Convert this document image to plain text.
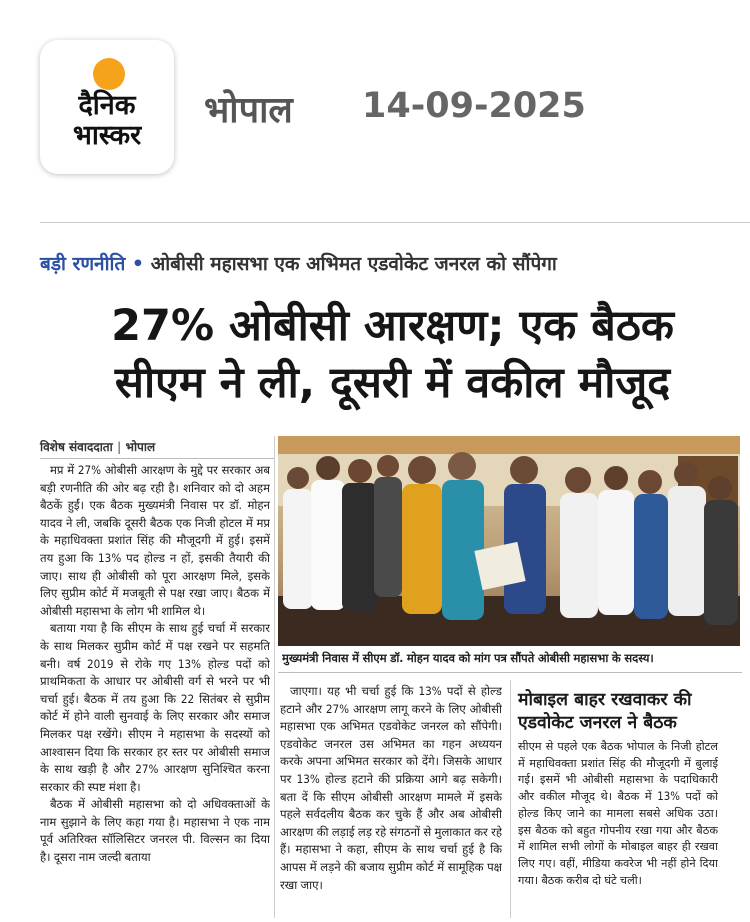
दैनिक
भास्कर
भोपाल 14-09-2025
बड़ी रणनीति • ओबीसी महासभा एक अभिमत एडवोकेट जनरल को सौंपेगा
27% ओबीसी आरक्षण; एक बैठक
सीएम ने ली, दूसरी में वकील मौजूद
विशेष संवाददाता | भोपाल

मप्र में 27% ओबीसी आरक्षण के मुद्दे पर सरकार अब बड़ी रणनीति की ओर बढ़ रही है। शनिवार को दो अहम बैठकें हुईं। एक बैठक मुख्यमंत्री निवास पर डॉ. मोहन यादव ने ली, जबकि दूसरी बैठक एक निजी होटल में मप्र के महाधिवक्ता प्रशांत सिंह की मौजूदगी में हुई। इसमें तय हुआ कि 13% पद होल्ड न हों, इसकी तैयारी की जाए। साथ ही ओबीसी को पूरा आरक्षण मिले, इसके लिए सुप्रीम कोर्ट में मजबूती से पक्ष रखा जाए। बैठक में ओबीसी महासभा के लोग भी शामिल थे।

बताया गया है कि सीएम के साथ हुई चर्चा में सरकार के साथ मिलकर सुप्रीम कोर्ट में पक्ष रखने पर सहमति बनी। वर्ष 2019 से रोके गए 13% होल्ड पदों को प्राथमिकता के आधार पर ओबीसी वर्ग से भरने पर भी चर्चा हुई। बैठक में तय हुआ कि 22 सितंबर से सुप्रीम कोर्ट में होने वाली सुनवाई के लिए सरकार और समाज मिलकर पक्ष रखेंगे। सीएम ने महासभा के सदस्यों को आश्वासन दिया कि सरकार हर स्तर पर ओबीसी समाज के साथ खड़ी है और 27% आरक्षण सुनिश्चित करना सरकार की स्पष्ट मंशा है।

बैठक में ओबीसी महासभा को दो अधिवक्ताओं के नाम सुझाने के लिए कहा गया है। महासभा ने एक नाम पूर्व अतिरिक्त सॉलिसिटर जनरल पी. विल्सन का दिया है। दूसरा नाम जल्दी बताया

मुख्यमंत्री निवास में सीएम डॉ. मोहन यादव को मांग पत्र सौंपते ओबीसी महासभा के सदस्य।

जाएगा। यह भी चर्चा हुई कि 13% पदों से होल्ड हटाने और 27% आरक्षण लागू करने के लिए ओबीसी महासभा एक अभिमत एडवोकेट जनरल को सौंपेगी। एडवोकेट जनरल उस अभिमत का गहन अध्ययन करके अपना अभिमत सरकार को देंगे। जिसके आधार पर 13% होल्ड हटाने की प्रक्रिया आगे बढ़ सकेगी। बता दें कि सीएम ओबीसी आरक्षण मामले में इसके पहले सर्वदलीय बैठक कर चुके हैं और अब ओबीसी आरक्षण की लड़ाई लड़ रहे संगठनों से मुलाकात कर रहे हैं। महासभा ने कहा, सीएम के साथ चर्चा हुई है कि आपस में लड़ने की बजाय सुप्रीम कोर्ट में सामूहिक पक्ष रखा जाए।

मोबाइल बाहर रखवाकर की एडवोकेट जनरल ने बैठक

सीएम से पहले एक बैठक भोपाल के निजी होटल में महाधिवक्ता प्रशांत सिंह की मौजूदगी में बुलाई गई। इसमें भी ओबीसी महासभा के पदाधिकारी और वकील मौजूद थे। बैठक में 13% पदों को होल्ड किए जाने का मामला सबसे अधिक उठा। इस बैठक को बहुत गोपनीय रखा गया और बैठक में शामिल सभी लोगों के मोबाइल बाहर ही रखवा लिए गए। वहीं, मीडिया कवरेज भी नहीं होने दिया गया। बैठक करीब दो घंटे चली।
